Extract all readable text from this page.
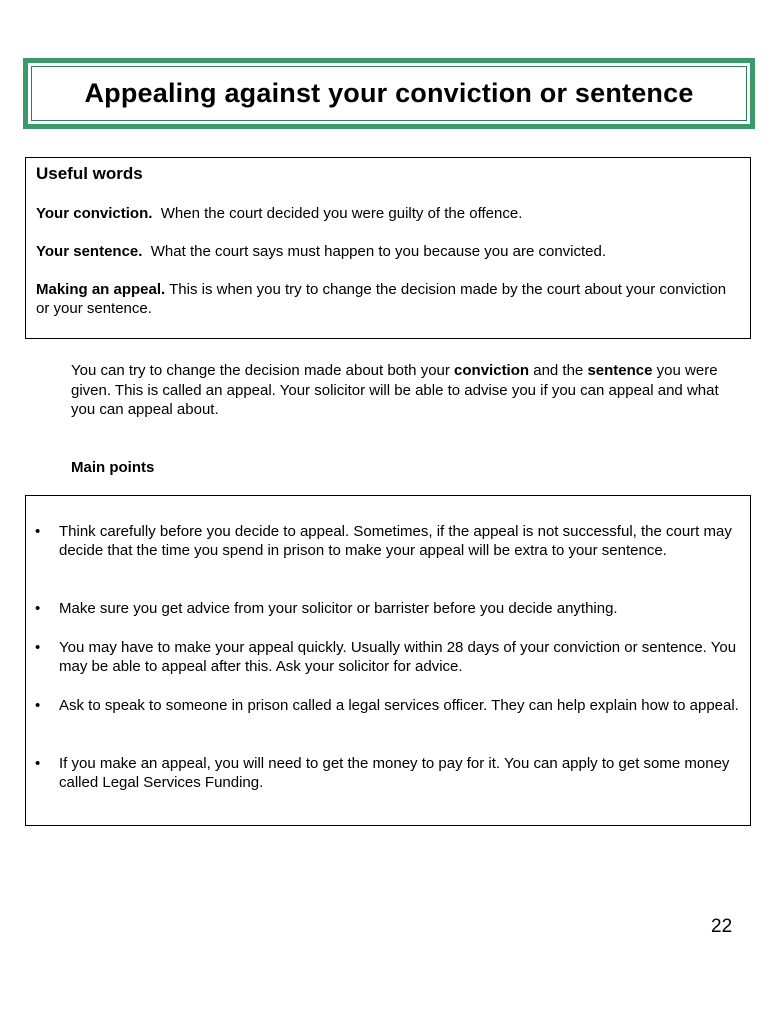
Appealing against your conviction or sentence
Useful words
Your conviction. When the court decided you were guilty of the offence.
Your sentence. What the court says must happen to you because you are convicted.
Making an appeal. This is when you try to change the decision made by the court about your conviction or your sentence.
You can try to change the decision made about both your conviction and the sentence you were given. This is called an appeal. Your solicitor will be able to advise you if you can appeal and what you can appeal about.
Main points
• Think carefully before you decide to appeal. Sometimes, if the appeal is not successful, the court may decide that the time you spend in prison to make your appeal will be extra to your sentence.
• Make sure you get advice from your solicitor or barrister before you decide anything.
• You may have to make your appeal quickly. Usually within 28 days of your conviction or sentence. You may be able to appeal after this. Ask your solicitor for advice.
• Ask to speak to someone in prison called a legal services officer. They can help explain how to appeal.
• If you make an appeal, you will need to get the money to pay for it. You can apply to get some money called Legal Services Funding.
22
